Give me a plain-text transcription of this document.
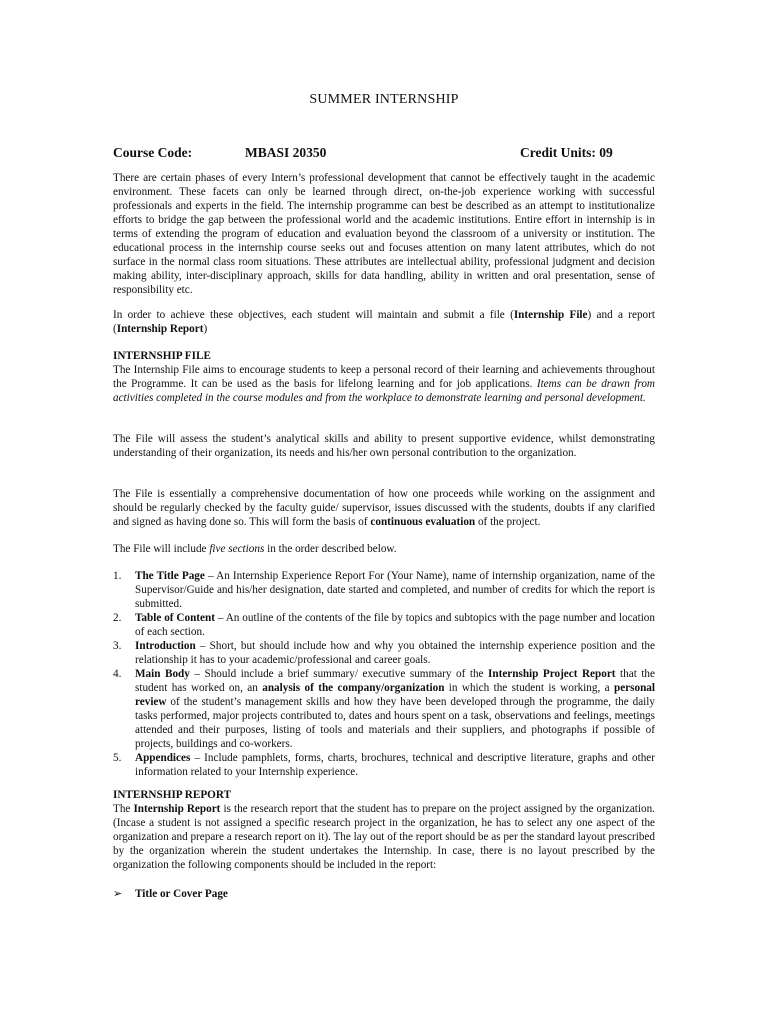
SUMMER INTERNSHIP
Course Code:	MBASI 20350	Credit Units: 09

There are certain phases of every Intern’s professional development that cannot be effectively taught in the academic environment. These facets can only be learned through direct, on-the-job experience working with successful professionals and experts in the field. The internship programme can best be described as an attempt to institutionalize efforts to bridge the gap between the professional world and the academic institutions. Entire effort in internship is in terms of extending the program of education and evaluation beyond the classroom of a university or institution. The educational process in the internship course seeks out and focuses attention on many latent attributes, which do not surface in the normal class room situations. These attributes are intellectual ability, professional judgment and decision making ability, inter-disciplinary approach, skills for data handling, ability in written and oral presentation, sense of responsibility etc.

In order to achieve these objectives, each student will maintain and submit a file (Internship File) and a report (Internship Report)

INTERNSHIP FILE

The Internship File aims to encourage students to keep a personal record of their learning and achievements throughout the Programme. It can be used as the basis for lifelong learning and for job applications. Items can be drawn from activities completed in the course modules and from the workplace to demonstrate learning and personal development.

The File will assess the student’s analytical skills and ability to present supportive evidence, whilst demonstrating understanding of their organization, its needs and his/her own personal contribution to the organization.

The File is essentially a comprehensive documentation of how one proceeds while working on the assignment and should be regularly checked by the faculty guide/ supervisor, issues discussed with the students, doubts if any clarified and signed as having done so. This will form the basis of continuous evaluation of the project.

The File will include five sections in the order described below.

1. The Title Page – An Internship Experience Report For (Your Name), name of internship organization, name of the Supervisor/Guide and his/her designation, date started and completed, and number of credits for which the report is submitted.
2. Table of Content – An outline of the contents of the file by topics and subtopics with the page number and location of each section.
3. Introduction – Short, but should include how and why you obtained the internship experience position and the relationship it has to your academic/professional and career goals.
4. Main Body – Should include a brief summary/ executive summary of the Internship Project Report that the student has worked on, an analysis of the company/organization in which the student is working, a personal review of the student’s management skills and how they have been developed through the programme, the daily tasks performed, major projects contributed to, dates and hours spent on a task, observations and feelings, meetings attended and their purposes, listing of tools and materials and their suppliers, and photographs if possible of projects, buildings and co-workers.
5. Appendices – Include pamphlets, forms, charts, brochures, technical and descriptive literature, graphs and other information related to your Internship experience.
INTERNSHIP REPORT

The Internship Report is the research report that the student has to prepare on the project assigned by the organization. (Incase a student is not assigned a specific research project in the organization, he has to select any one aspect of the organization and prepare a research report on it). The lay out of the report should be as per the standard layout prescribed by the organization wherein the student undertakes the Internship. In case, there is no layout prescribed by the organization the following components should be included in the report:

➢ Title or Cover Page
